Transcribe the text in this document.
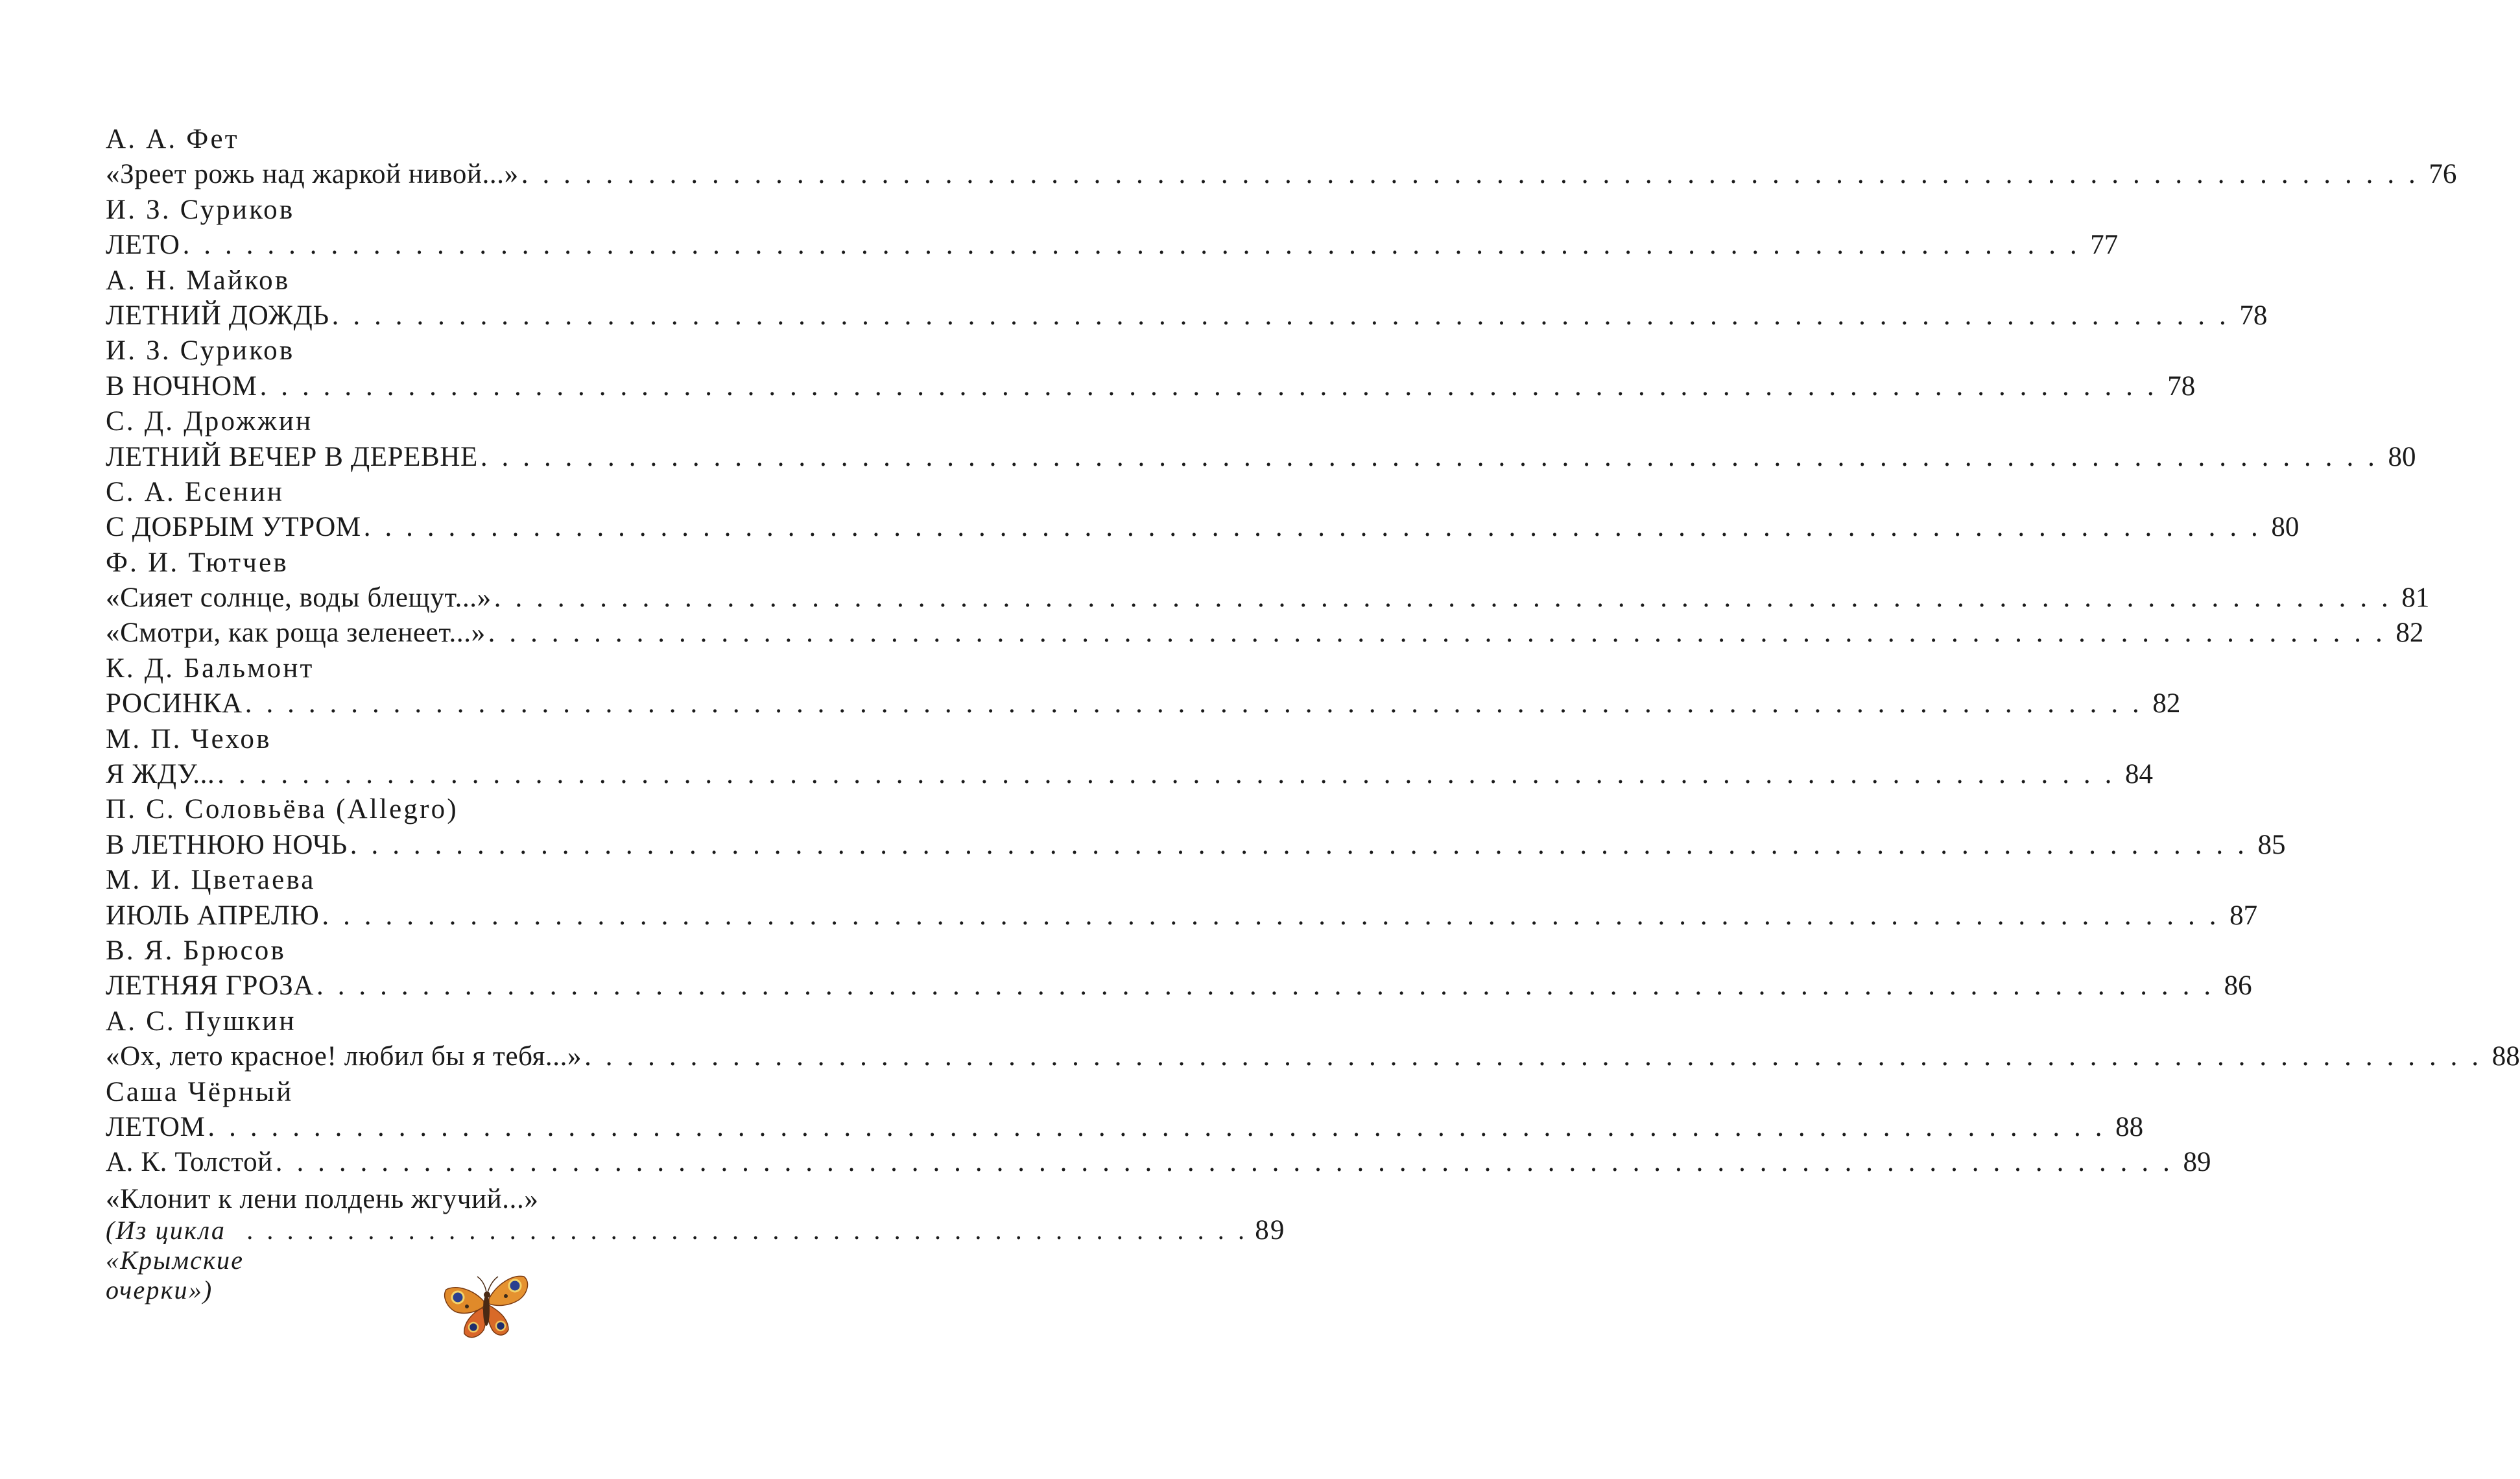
А. А. Фет
«Зреет рожь над жаркой нивой...» . . .	76
И. З. Суриков
ЛЕТО . . .	77
А. Н. Майков
ЛЕТНИЙ ДОЖДЬ . . .	78
И. З. Суриков
В НОЧНОМ . . .	78
С. Д. Дрожжин
ЛЕТНИЙ ВЕЧЕР В ДЕРЕВНЕ . . .	80
С. А. Есенин
С ДОБРЫМ УТРОМ . . .	80
Ф. И. Тютчев
«Сияет солнце, воды блещут...» . . .	81
«Смотри, как роща зеленеет...» . . .	82
К. Д. Бальмонт
РОСИНКА . . .	82
М. П. Чехов
Я ЖДУ... . . .	84
П. С. Соловьёва (Allegro)
В ЛЕТНЮЮ НОЧЬ . . .	85
М. И. Цветаева
ИЮЛЬ АПРЕЛЮ . . .	87
В. Я. Брюсов
ЛЕТНЯЯ ГРОЗА . . .	86
А. С. Пушкин
«Ох, лето красное! любил бы я тебя...» . . .	88
Саша Чёрный
ЛЕТОМ . . .	88
А. К. Толстой . . .	89
«Клонит к лени полдень жгучий...»
(Из цикла «Крымские очерки»)
. . . . . . . . . . . . . . . . . . . . . . . . . . . . . . . . . . . . . . . . . . . . . . . . . . 89
